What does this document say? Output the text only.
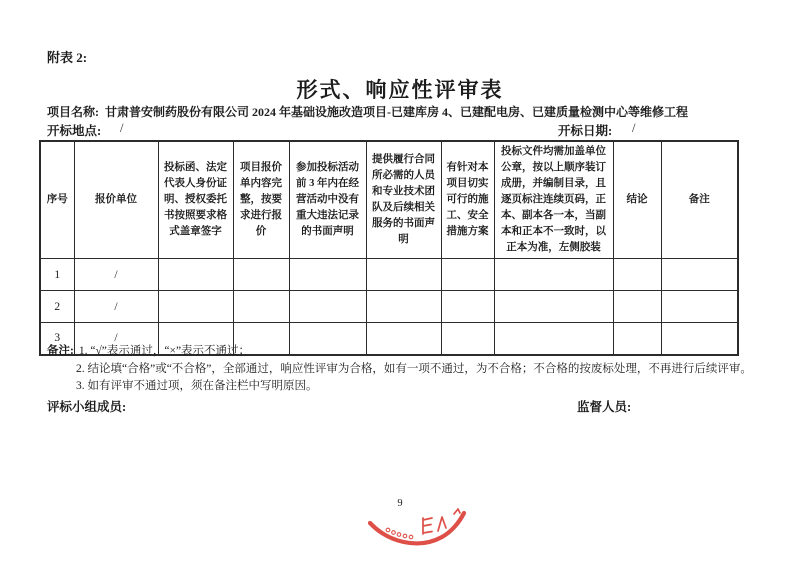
附表 2:
形式、响应性评审表
项目名称: 甘肃普安制药股份有限公司 2024 年基础设施改造项目-已建库房 4、已建配电房、已建质量检测中心等维修工程
开标地点: /	开标日期: /
序号	报价单位	投标函、法定代表人身份证明、授权委托书按照要求格式盖章签字	项目报价单内容完整，按要求进行报价	参加投标活动前 3 年内在经营活动中没有重大违法记录的书面声明	提供履行合同所必需的人员和专业技术团队及后续相关服务的书面声明	有针对本项目切实可行的施工、安全措施方案	投标文件均需加盖单位公章，按以上顺序装订成册，并编制目录，且逐页标注连续页码，正本、副本各一本，当副本和正本不一致时，以正本为准，左侧胶装	结论	备注
1	/								
2	/								
3	/								
备注: 1. “√”表示通过，“×”表示不通过；
2. 结论填“合格”或“不合格”，全部通过，响应性评审为合格，如有一项不通过，为不合格；不合格的按废标处理，不再进行后续评审。
3. 如有评审不通过项，须在备注栏中写明原因。
评标小组成员:	监督人员:
9
